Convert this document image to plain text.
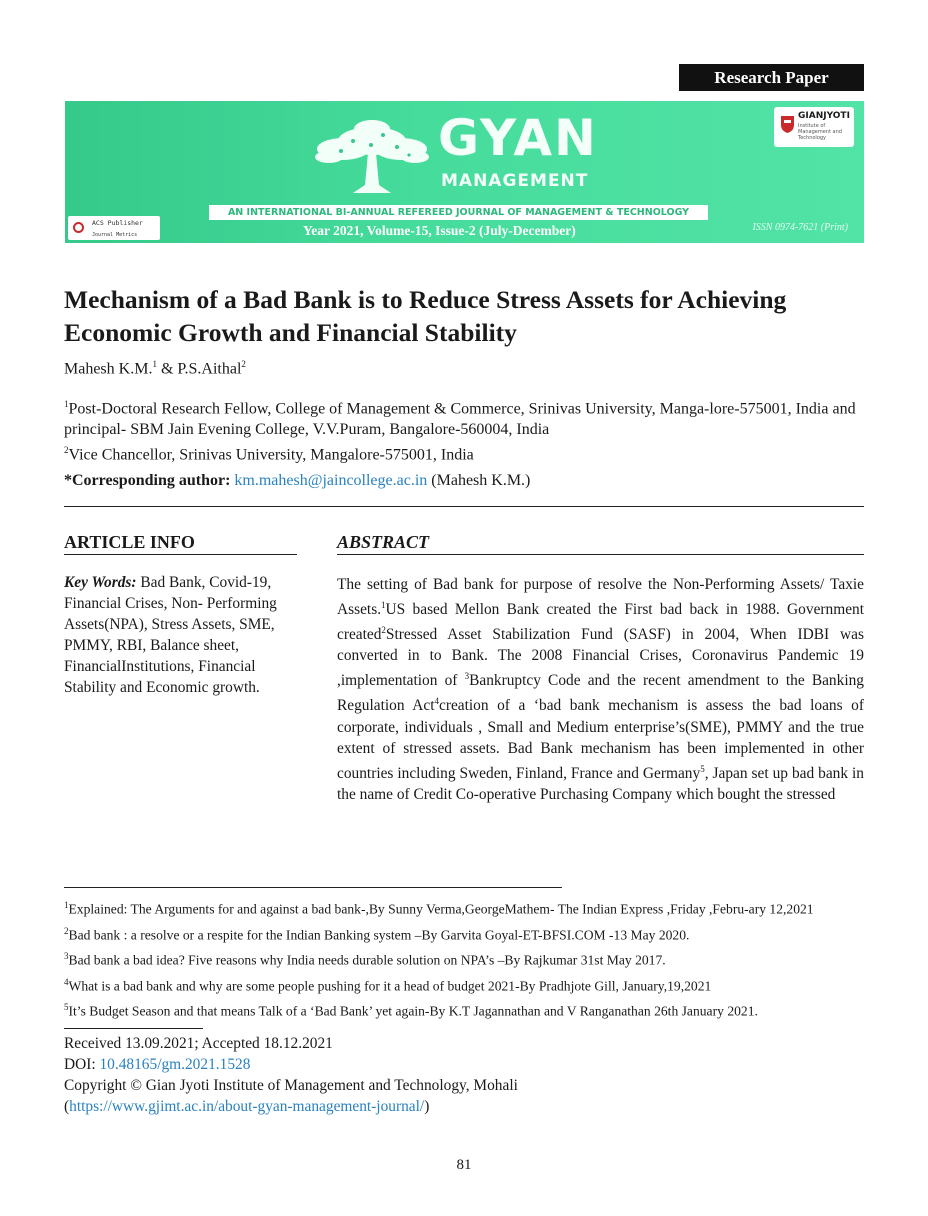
Research Paper
GYAN
MANAGEMENT
AN INTERNATIONAL BI-ANNUAL REFEREED JOURNAL OF MANAGEMENT & TECHNOLOGY
Year 2021, Volume-15, Issue-2 (July-December)	ISSN 0974-7621 (Print)
ACS Publisher
Journal Metrics
GIANJYOTI
Institute of Management and Technology
Mechanism of a Bad Bank is to Reduce Stress Assets for Achieving Economic Growth and Financial Stability
Mahesh K.M.$^1$ & P.S.Aithal$^2$
$^1$Post-Doctoral Research Fellow, College of Management & Commerce, Srinivas University, Manga-lore-575001, India and principal- SBM Jain Evening College, V.V.Puram, Bangalore-560004, India
$^2$Vice Chancellor, Srinivas University, Mangalore-575001, India
*Corresponding author: km.mahesh@jaincollege.ac.in (Mahesh K.M.)
ARTICLE INFO
Key Words: Bad Bank, Covid-19, Financial Crises, Non- Performing Assets(NPA), Stress Assets, SME, PMMY, RBI, Balance sheet, FinancialInstitutions, Financial Stability and Economic growth.
ABSTRACT
The setting of Bad bank for purpose of resolve the Non-Performing Assets/ Taxie Assets.$^1$US based Mellon Bank created the First bad back in 1988. Government created$^2$Stressed Asset Stabilization Fund (SASF) in 2004, When IDBI was converted in to Bank. The 2008 Financial Crises, Coronavirus Pandemic 19 ,implementation of $^3$Bankruptcy Code and the recent amendment to the Banking Regulation Act$^4$creation of a ‘bad bank mechanism is assess the bad loans of corporate, individuals , Small and Medium enterprise’s(SME), PMMY and the true extent of stressed assets. Bad Bank mechanism has been implemented in other countries including Sweden, Finland, France and Germany$^5$, Japan set up bad bank in the name of Credit Co-operative Purchasing Company which bought the stressed

$^1$Explained: The Arguments for and against a bad bank-,By Sunny Verma,GeorgeMathem- The Indian Express ,Friday ,Febru-ary 12,2021

$^2$Bad bank : a resolve or a respite for the Indian Banking system –By Garvita Goyal-ET-BFSI.COM -13 May 2020.

$^3$Bad bank a bad idea? Five reasons why India needs durable solution on NPA’s –By Rajkumar 31st May 2017.

$^4$What is a bad bank and why are some people pushing for it a head of budget 2021-By Pradhjote Gill, January,19,2021

$^5$It’s Budget Season and that means Talk of a ‘Bad Bank’ yet again-By K.T Jagannathan and V Ranganathan 26th January 2021.

Received 13.09.2021; Accepted 18.12.2021

DOI: 10.48165/gm.2021.1528

Copyright © Gian Jyoti Institute of Management and Technology, Mohali

(https://www.gjimt.ac.in/about-gyan-management-journal/)

81
